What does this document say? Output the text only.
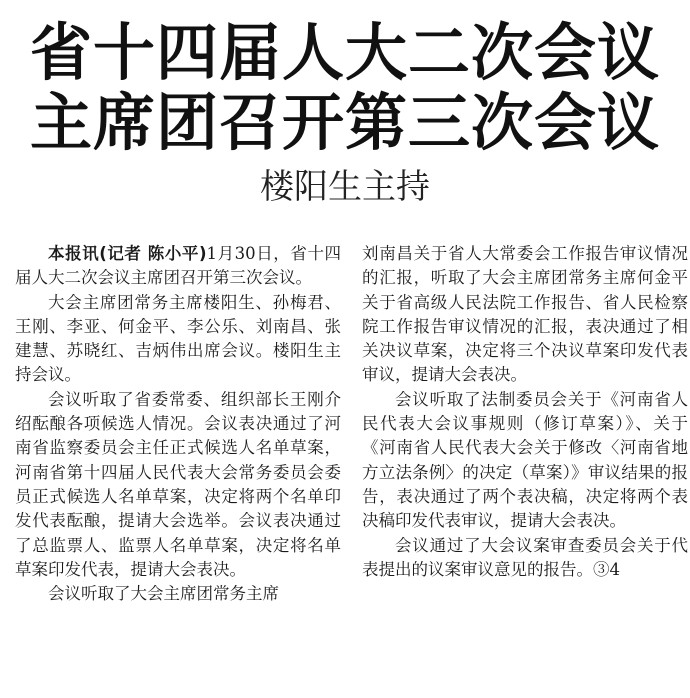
省十四届人大二次会议
主席团召开第三次会议
楼阳生主持

本报讯(记者 陈小平)1月30日，省十四届人大二次会议主席团召开第三次会议。

大会主席团常务主席楼阳生、孙梅君、王刚、李亚、何金平、李公乐、刘南昌、张建慧、苏晓红、吉炳伟出席会议。楼阳生主持会议。

会议听取了省委常委、组织部长王刚介绍酝酿各项候选人情况。会议表决通过了河南省监察委员会主任正式候选人名单草案，河南省第十四届人民代表大会常务委员会委员正式候选人名单草案，决定将两个名单印发代表酝酿，提请大会选举。会议表决通过了总监票人、监票人名单草案，决定将名单草案印发代表，提请大会表决。

会议听取了大会主席团常务主席

刘南昌关于省人大常委会工作报告审议情况的汇报，听取了大会主席团常务主席何金平关于省高级人民法院工作报告、省人民检察院工作报告审议情况的汇报，表决通过了相关决议草案，决定将三个决议草案印发代表审议，提请大会表决。

会议听取了法制委员会关于《河南省人民代表大会议事规则（修订草案）》、关于《河南省人民代表大会关于修改〈河南省地方立法条例〉的决定（草案）》审议结果的报告，表决通过了两个表决稿，决定将两个表决稿印发代表审议，提请大会表决。

会议通过了大会议案审查委员会关于代表提出的议案审议意见的报告。③4
